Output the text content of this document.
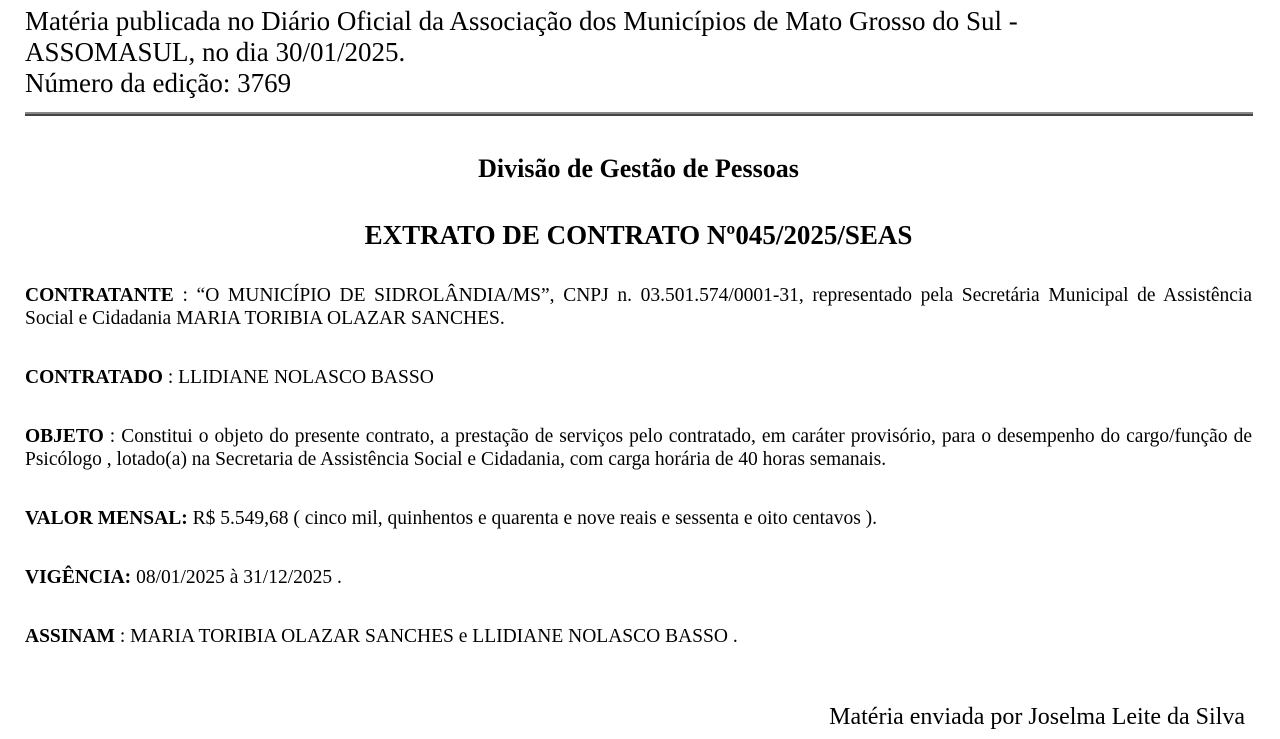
Matéria publicada no Diário Oficial da Associação dos Municípios de Mato Grosso do Sul -
ASSOMASUL, no dia 30/01/2025.
Número da edição: 3769
Divisão de Gestão de Pessoas
EXTRATO DE CONTRATO Nº045/2025/SEAS

CONTRATANTE : “O MUNICÍPIO DE SIDROLÂNDIA/MS”, CNPJ n. 03.501.574/0001-31, representado pela Secretária Municipal de Assistência Social e Cidadania MARIA TORIBIA OLAZAR SANCHES.

CONTRATADO : LLIDIANE NOLASCO BASSO

OBJETO : Constitui o objeto do presente contrato, a prestação de serviços pelo contratado, em caráter provisório, para o desempenho do cargo/função de Psicólogo , lotado(a) na Secretaria de Assistência Social e Cidadania, com carga horária de 40 horas semanais.

VALOR MENSAL: R$ 5.549,68 ( cinco mil, quinhentos e quarenta e nove reais e sessenta e oito centavos ).

VIGÊNCIA: 08/01/2025 à 31/12/2025 .

ASSINAM : MARIA TORIBIA OLAZAR SANCHES e LLIDIANE NOLASCO BASSO .

Matéria enviada por Joselma Leite da Silva
